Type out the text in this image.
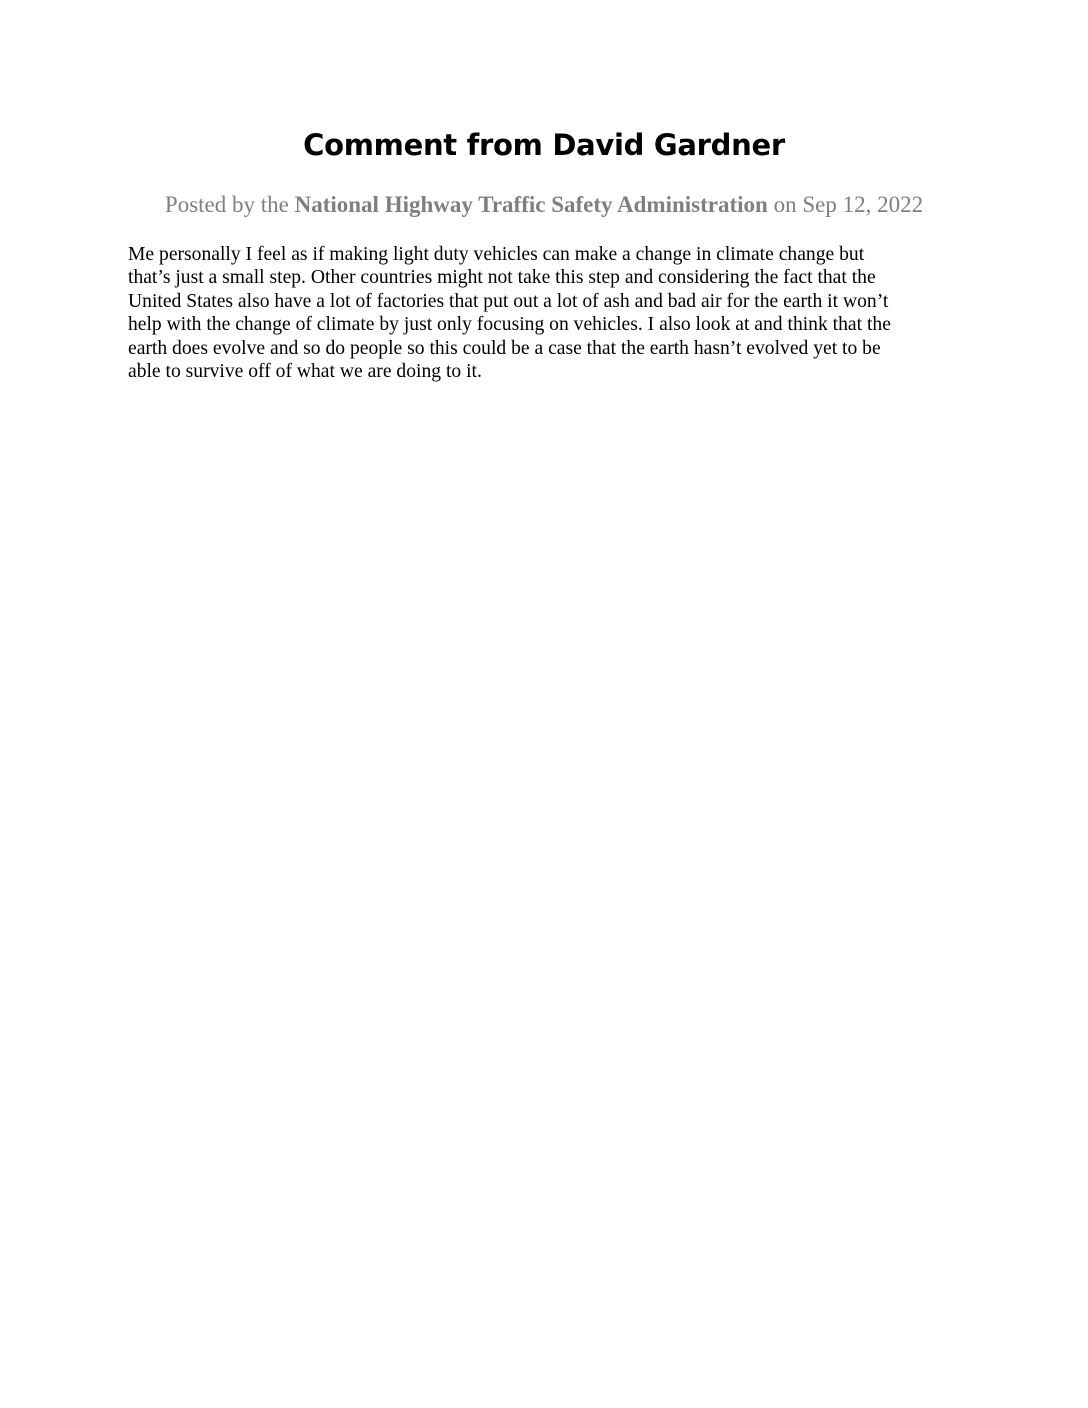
Comment from David Gardner
Posted by the National Highway Traffic Safety Administration on Sep 12, 2022

Me personally I feel as if making light duty vehicles can make a change in climate change but
that’s just a small step. Other countries might not take this step and considering the fact that the
United States also have a lot of factories that put out a lot of ash and bad air for the earth it won’t
help with the change of climate by just only focusing on vehicles. I also look at and think that the
earth does evolve and so do people so this could be a case that the earth hasn’t evolved yet to be
able to survive off of what we are doing to it.
